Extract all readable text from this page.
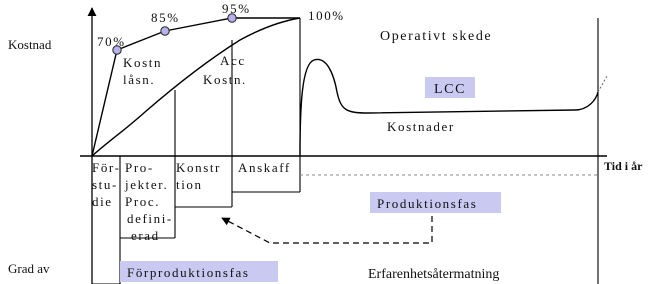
Kostnad
Grad av
Tid i år
70%
85%
95%	100%
Kostn
låsn.
Acc
Kostn.
Operativt skede
LCC
Kostnader
För-
stu-
die
Pro-
jekter.
Proc.
defini-
erad
Konstr
tion
Anskaff
Produktionsfas
Förproduktionsfas	Erfarenhetsåtermatning
